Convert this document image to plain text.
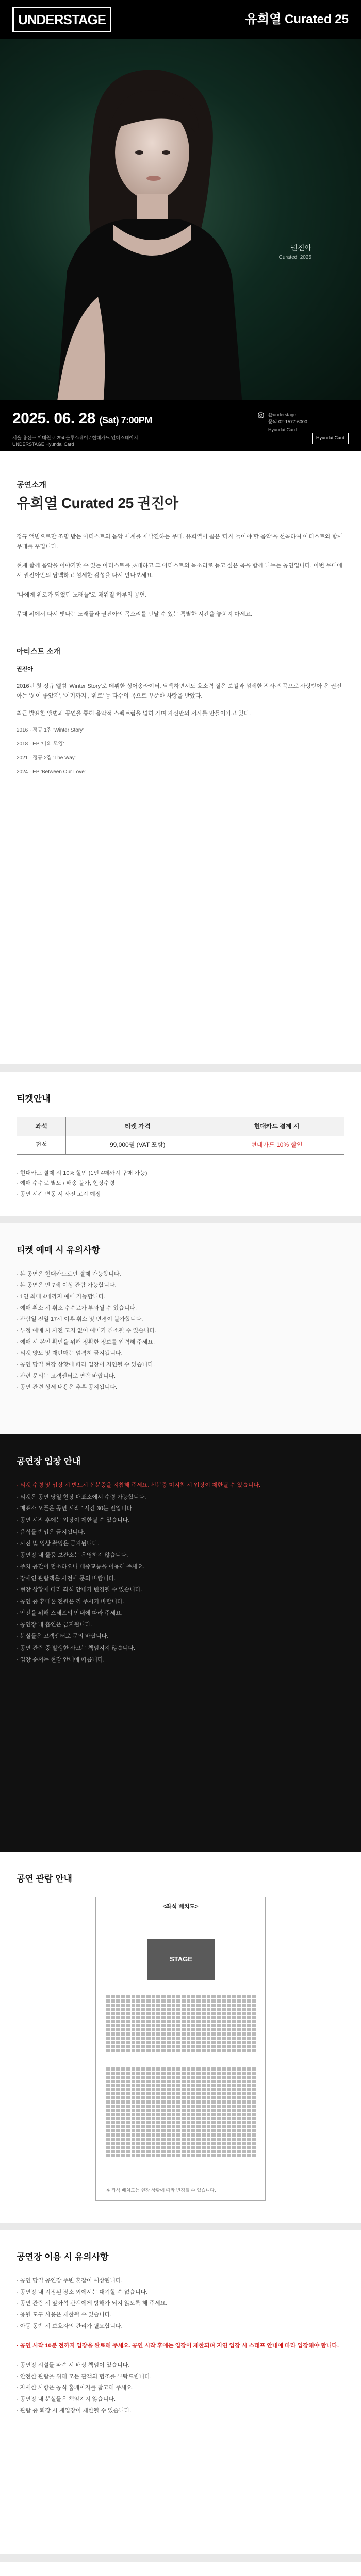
UNDERSTAGE	유희열 Curated 25
권진아
Curated. 2025
2025. 06. 28 (Sat) 7:00PM
서울 용산구 이태원로 294 블루스퀘어 / 현대카드 언더스테이지
UNDERSTAGE Hyundai Card
@understage
문의 02-1577-6000
Hyundai Card
Hyundai Card
공연소개
유희열 Curated 25 권진아

정규 앨범으로만 조명 받는 아티스트의 음악 세계를 재발견하는 무대. 유희열이 꼽은 '다시 들어야 할 음악'을 선곡하여 아티스트와 함께 무대를 꾸밉니다.

현재 함께 음악을 이야기할 수 있는 아티스트를 초대하고 그 아티스트의 목소리로 듣고 싶은 곡을 함께 나누는 공연입니다. 이번 무대에서 권진아만의 담백하고 섬세한 감성을 다시 만나보세요.

"나에게 위로가 되었던 노래들"로 채워질 하루의 공연.

무대 위에서 다시 빛나는 노래들과 권진아의 목소리를 만날 수 있는 특별한 시간을 놓치지 마세요.

아티스트 소개
권진아

2016년 첫 정규 앨범 'Winter Story'로 데뷔한 싱어송라이터. 담백하면서도 호소력 짙은 보컬과 섬세한 작사·작곡으로 사랑받아 온 권진아는 '운이 좋았지', '여기까지', '위로' 등 다수의 곡으로 꾸준한 사랑을 받았다.

최근 발표한 앨범과 공연을 통해 음악적 스펙트럼을 넓혀 가며 자신만의 서사를 만들어가고 있다.

2016 · 정규 1집 'Winter Story'
2018 · EP '나의 모양'
2021 · 정규 2집 'The Way'
2024 · EP 'Between Our Love'
티켓안내
좌석	티켓 가격	현대카드 결제 시
전석	99,000원 (VAT 포함)	현대카드 10% 할인
· 현대카드 결제 시 10% 할인 (1인 4매까지 구매 가능)
· 예매 수수료 별도 / 배송 불가, 현장수령
· 공연 시간 변동 시 사전 고지 예정
티켓 예매 시 유의사항
· 본 공연은 현대카드로만 결제 가능합니다.
· 본 공연은 만 7세 이상 관람 가능합니다.
· 1인 최대 4매까지 예매 가능합니다.
· 예매 취소 시 취소 수수료가 부과될 수 있습니다.
· 관람일 전일 17시 이후 취소 및 변경이 불가합니다.
· 부정 예매 시 사전 고지 없이 예매가 취소될 수 있습니다.
· 예매 시 본인 확인을 위해 정확한 정보를 입력해 주세요.
· 티켓 양도 및 재판매는 엄격히 금지됩니다.
· 공연 당일 현장 상황에 따라 입장이 지연될 수 있습니다.
· 관련 문의는 고객센터로 연락 바랍니다.
· 공연 관련 상세 내용은 추후 공지됩니다.
공연장 입장 안내
· 티켓 수령 및 입장 시 반드시 신분증을 지참해 주세요. 신분증 미지참 시 입장이 제한될 수 있습니다.
· 티켓은 공연 당일 현장 매표소에서 수령 가능합니다.
· 매표소 오픈은 공연 시작 1시간 30분 전입니다.
· 공연 시작 후에는 입장이 제한될 수 있습니다.
· 음식물 반입은 금지됩니다.
· 사진 및 영상 촬영은 금지됩니다.
· 공연장 내 물품 보관소는 운영하지 않습니다.
· 주차 공간이 협소하오니 대중교통을 이용해 주세요.
· 장애인 관람객은 사전에 문의 바랍니다.
· 현장 상황에 따라 좌석 안내가 변경될 수 있습니다.
· 공연 중 휴대폰 전원은 꺼 주시기 바랍니다.
· 안전을 위해 스태프의 안내에 따라 주세요.
· 공연장 내 흡연은 금지됩니다.
· 분실물은 고객센터로 문의 바랍니다.
· 공연 관람 중 발생한 사고는 책임지지 않습니다.
· 입장 순서는 현장 안내에 따릅니다.
공연 관람 안내
<좌석 배치도>
STAGE
※ 좌석 배치도는 현장 상황에 따라 변경될 수 있습니다.
공연장 이용 시 유의사항
· 공연 당일 공연장 주변 혼잡이 예상됩니다.
· 공연장 내 지정된 장소 외에서는 대기할 수 없습니다.
· 공연 관람 시 앞좌석 관객에게 방해가 되지 않도록 해 주세요.
· 응원 도구 사용은 제한될 수 있습니다.
· 아동 동반 시 보호자의 관리가 필요합니다.
· 공연 시작 10분 전까지 입장을 완료해 주세요. 공연 시작 후에는 입장이 제한되며 지연 입장 시 스태프 안내에 따라 입장해야 합니다.
· 공연장 시설물 파손 시 배상 책임이 있습니다.
· 안전한 관람을 위해 모든 관객의 협조를 부탁드립니다.
· 자세한 사항은 공식 홈페이지를 참고해 주세요.
· 공연장 내 분실물은 책임지지 않습니다.
· 관람 중 퇴장 시 재입장이 제한될 수 있습니다.
